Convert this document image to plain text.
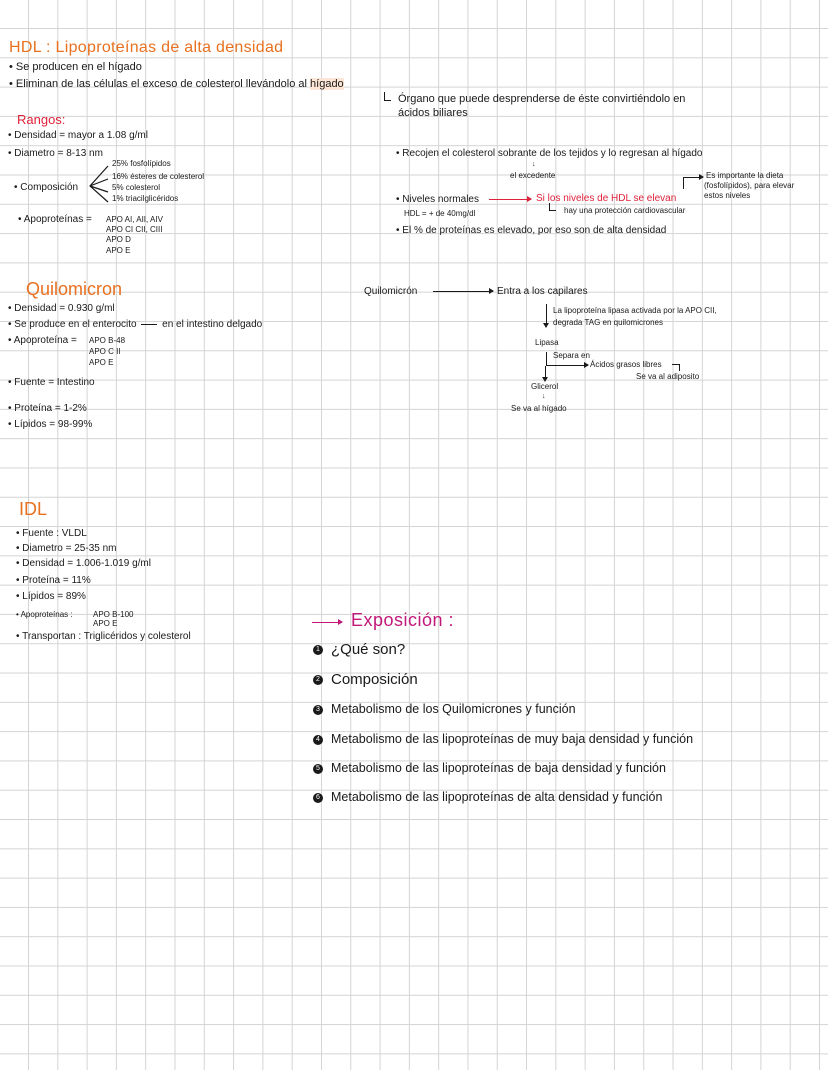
HDL : Lipoproteínas de alta densidad
• Se producen en el hígado
• Eliminan de las células el exceso de colesterol llevándolo al hígado
Órgano que puede desprenderse de éste convirtiéndolo en
ácidos biliares
Rangos:
• Densidad = mayor a 1.08 g/ml
• Diametro = 8-13 nm
• Composición
25% fosfolípidos
16% ésteres de colesterol
5% colesterol
1% triacilglicéridos
• Apoproteínas = APO AI, AII, AIV
APO CI CII, CIII
APO D
APO E
• Recojen el colesterol sobrante de los tejidos y lo regresan al hígado
↓
el excedente
• Niveles normales	Si los niveles de HDL se elevan
HDL = + de 40mg/dl	hay una protección cardiovascular
Es importante la dieta
(fosfolípidos), para elevar
estos niveles
• El % de proteínas es elevado, por eso son de alta densidad
Quilomicron
• Densidad = 0.930 g/ml
• Se produce en el enterocito	en el intestino delgado
• Apoproteína = APO B-48
APO C II
APO E
• Fuente = Intestino
• Proteína = 1-2%
• Lípidos = 98-99%
Quilomicrón	Entra a los capilares
La lipoproteína lipasa activada por la APO CII,
degrada TAG en quilomicrones
Lipasa
Separa en
Ácidos grasos libres
Se va al adiposito
Glicerol
↓
Se va al hígado
IDL
• Fuente : VLDL
• Diametro = 25-35 nm
• Densidad = 1.006-1.019 g/ml
• Proteína = 11%
• Lípidos = 89%
• Apoproteínas :	APO B-100
APO E
• Transportan : Triglicéridos y colesterol
Exposición :
1 ¿Qué son?
2 Composición
3 Metabolismo de los Quilomicrones y función
4 Metabolismo de las lipoproteínas de muy baja densidad y función
5 Metabolismo de las lipoproteínas de baja densidad y función
6 Metabolismo de las lipoproteínas de alta densidad y función
